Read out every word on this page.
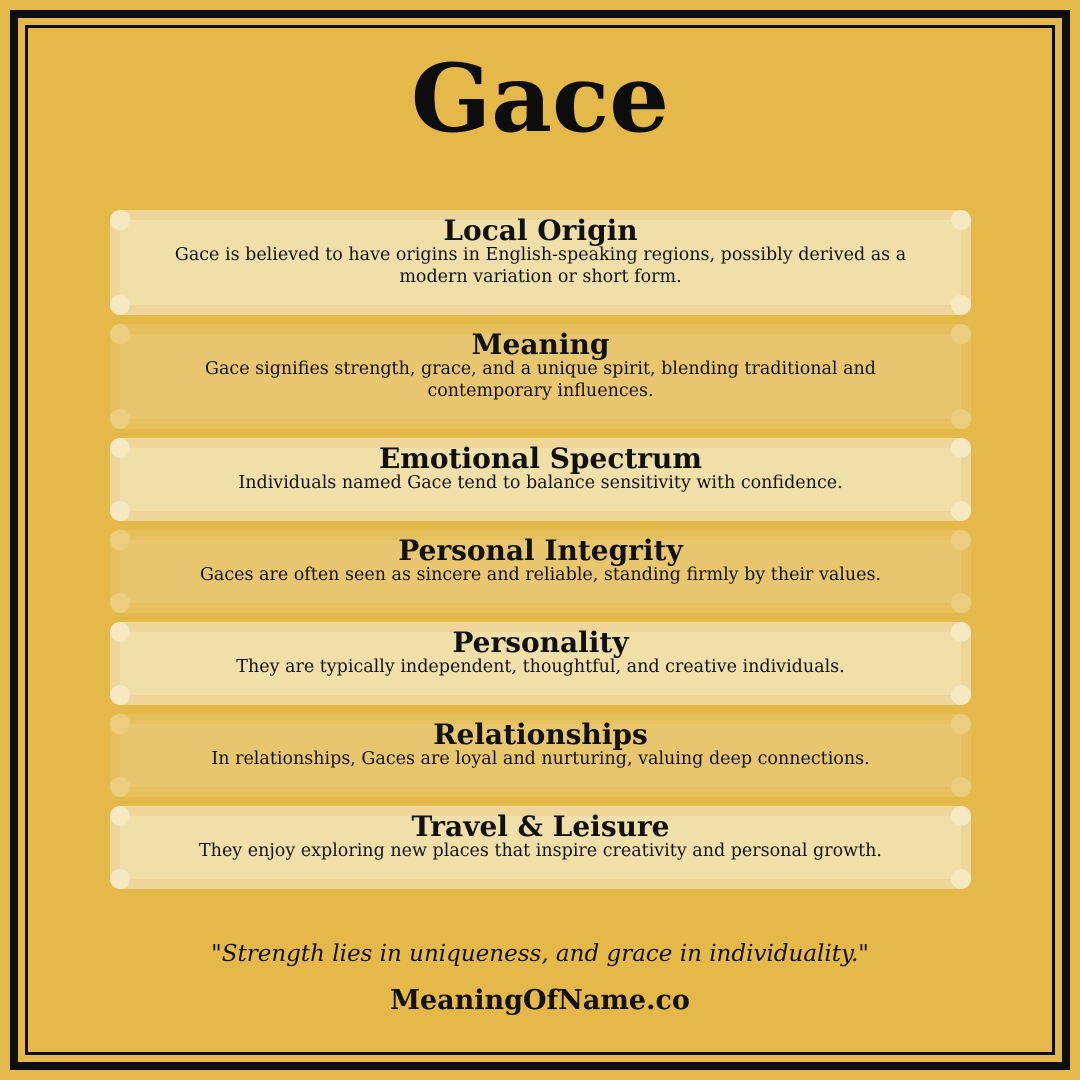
Gace
Local Origin

Gace is believed to have origins in English-speaking regions, possibly derived as a modern variation or short form.

Meaning

Gace signifies strength, grace, and a unique spirit, blending traditional and contemporary influences.

Emotional Spectrum

Individuals named Gace tend to balance sensitivity with confidence.

Personal Integrity

Gaces are often seen as sincere and reliable, standing firmly by their values.

Personality

They are typically independent, thoughtful, and creative individuals.

Relationships

In relationships, Gaces are loyal and nurturing, valuing deep connections.

Travel & Leisure

They enjoy exploring new places that inspire creativity and personal growth.

"Strength lies in uniqueness, and grace in individuality."
MeaningOfName.co
